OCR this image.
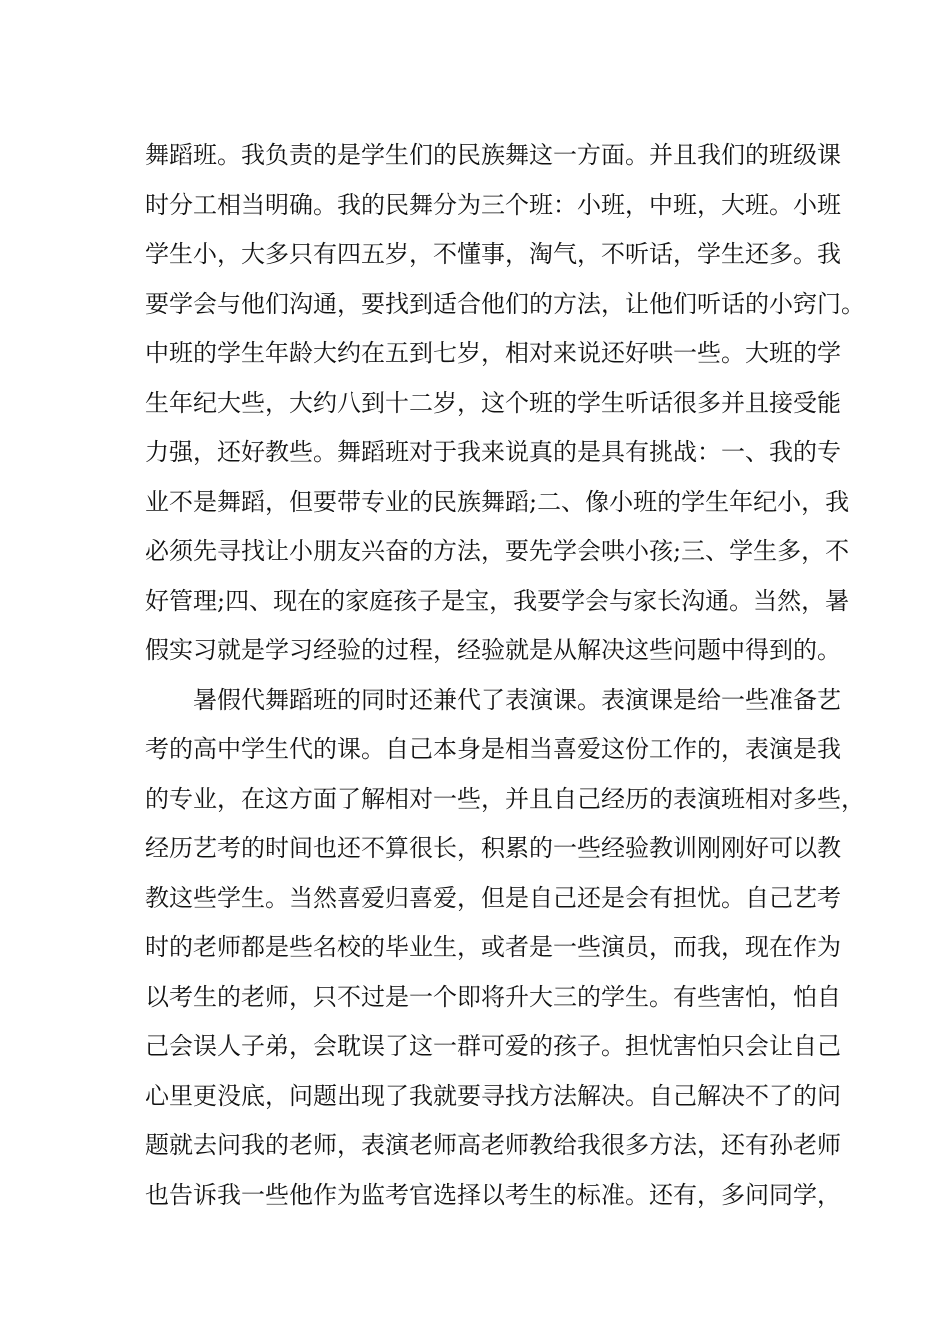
舞蹈班。我负责的是学生们的民族舞这一方面。并且我们的班级课
时分工相当明确。我的民舞分为三个班：小班，中班，大班。小班
学生小，大多只有四五岁，不懂事，淘气，不听话，学生还多。我
要学会与他们沟通，要找到适合他们的方法，让他们听话的小窍门。
中班的学生年龄大约在五到七岁，相对来说还好哄一些。大班的学
生年纪大些，大约八到十二岁，这个班的学生听话很多并且接受能
力强，还好教些。舞蹈班对于我来说真的是具有挑战：一、我的专
业不是舞蹈，但要带专业的民族舞蹈;二、像小班的学生年纪小，我
必须先寻找让小朋友兴奋的方法，要先学会哄小孩;三、学生多，不
好管理;四、现在的家庭孩子是宝，我要学会与家长沟通。当然，暑
假实习就是学习经验的过程，经验就是从解决这些问题中得到的。
暑假代舞蹈班的同时还兼代了表演课。表演课是给一些准备艺
考的高中学生代的课。自己本身是相当喜爱这份工作的，表演是我
的专业，在这方面了解相对一些，并且自己经历的表演班相对多些，
经历艺考的时间也还不算很长，积累的一些经验教训刚刚好可以教
教这些学生。当然喜爱归喜爱，但是自己还是会有担忧。自己艺考
时的老师都是些名校的毕业生，或者是一些演员，而我，现在作为
以考生的老师，只不过是一个即将升大三的学生。有些害怕，怕自
己会误人子弟，会耽误了这一群可爱的孩子。担忧害怕只会让自己
心里更没底，问题出现了我就要寻找方法解决。自己解决不了的问
题就去问我的老师，表演老师高老师教给我很多方法，还有孙老师
也告诉我一些他作为监考官选择以考生的标准。还有，多问同学，
